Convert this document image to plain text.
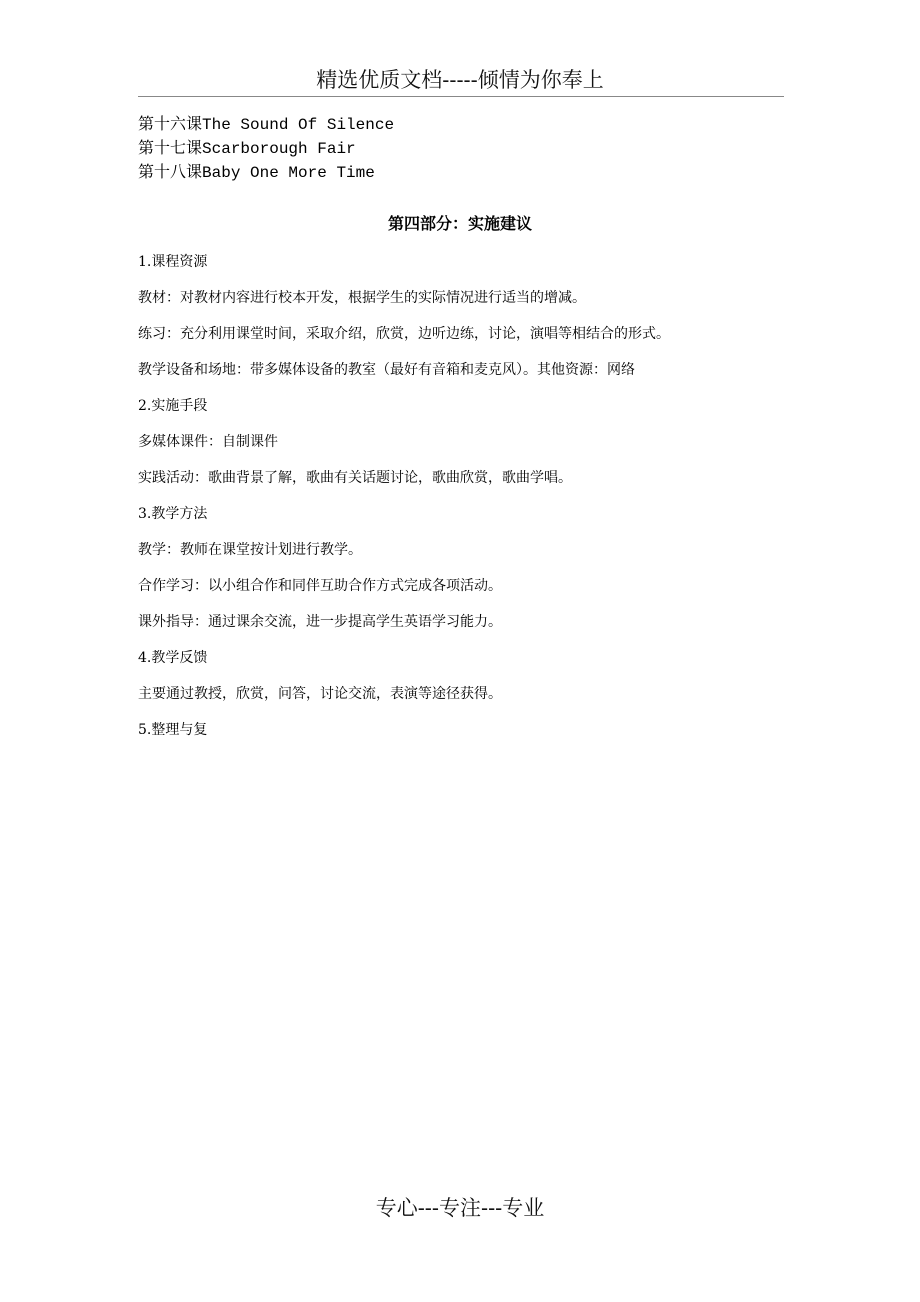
精选优质文档-----倾情为你奉上
第十六课The Sound Of Silence
第十七课Scarborough Fair
第十八课Baby One More Time
第四部分：实施建议

1.课程资源

教材：对教材内容进行校本开发，根据学生的实际情况进行适当的增减。

练习：充分利用课堂时间，采取介绍，欣赏，边听边练，讨论，演唱等相结合的形式。

教学设备和场地：带多媒体设备的教室（最好有音箱和麦克风）。其他资源：网络

2.实施手段

多媒体课件：自制课件

实践活动：歌曲背景了解，歌曲有关话题讨论，歌曲欣赏，歌曲学唱。

3.教学方法

教学：教师在课堂按计划进行教学。

合作学习：以小组合作和同伴互助合作方式完成各项活动。

课外指导：通过课余交流，进一步提高学生英语学习能力。

4.教学反馈

主要通过教授，欣赏，问答，讨论交流，表演等途径获得。

5.整理与复

专心---专注---专业
